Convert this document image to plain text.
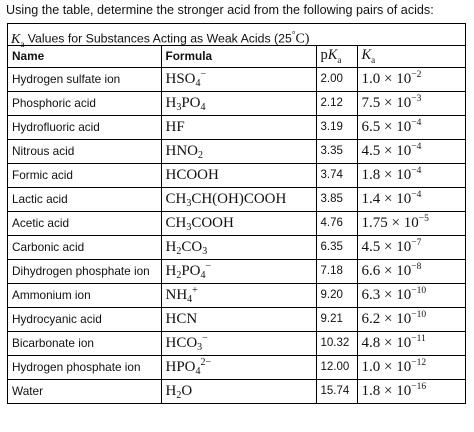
Using the table, determine the stronger acid from the following pairs of acids:
$K_a$ Values for Substances Acting as Weak Acids (25°C)
Name	Formula	$pK_a$	$K_a$
Hydrogen sulfate ion	$HSO_4^-$	2.00	$1.0 \times 10^{-2}$
Phosphoric acid	$H_3PO_4$	2.12	$7.5 \times 10^{-3}$
Hydrofluoric acid	HF	3.19	$6.5 \times 10^{-4}$
Nitrous acid	$HNO_2$	3.35	$4.5 \times 10^{-4}$
Formic acid	HCOOH	3.74	$1.8 \times 10^{-4}$
Lactic acid	$CH_3CH(OH)COOH$	3.85	$1.4 \times 10^{-4}$
Acetic acid	$CH_3COOH$	4.76	$1.75 \times 10^{-5}$
Carbonic acid	$H_2CO_3$	6.35	$4.5 \times 10^{-7}$
Dihydrogen phosphate ion	$H_2PO_4^-$	7.18	$6.6 \times 10^{-8}$
Ammonium ion	$NH_4^+$	9.20	$6.3 \times 10^{-10}$
Hydrocyanic acid	HCN	9.21	$6.2 \times 10^{-10}$
Bicarbonate ion	$HCO_3^-$	10.32	$4.8 \times 10^{-11}$
Hydrogen phosphate ion	$HPO_4^{2-}$	12.00	$1.0 \times 10^{-12}$
Water	$H_2O$	15.74	$1.8 \times 10^{-16}$
